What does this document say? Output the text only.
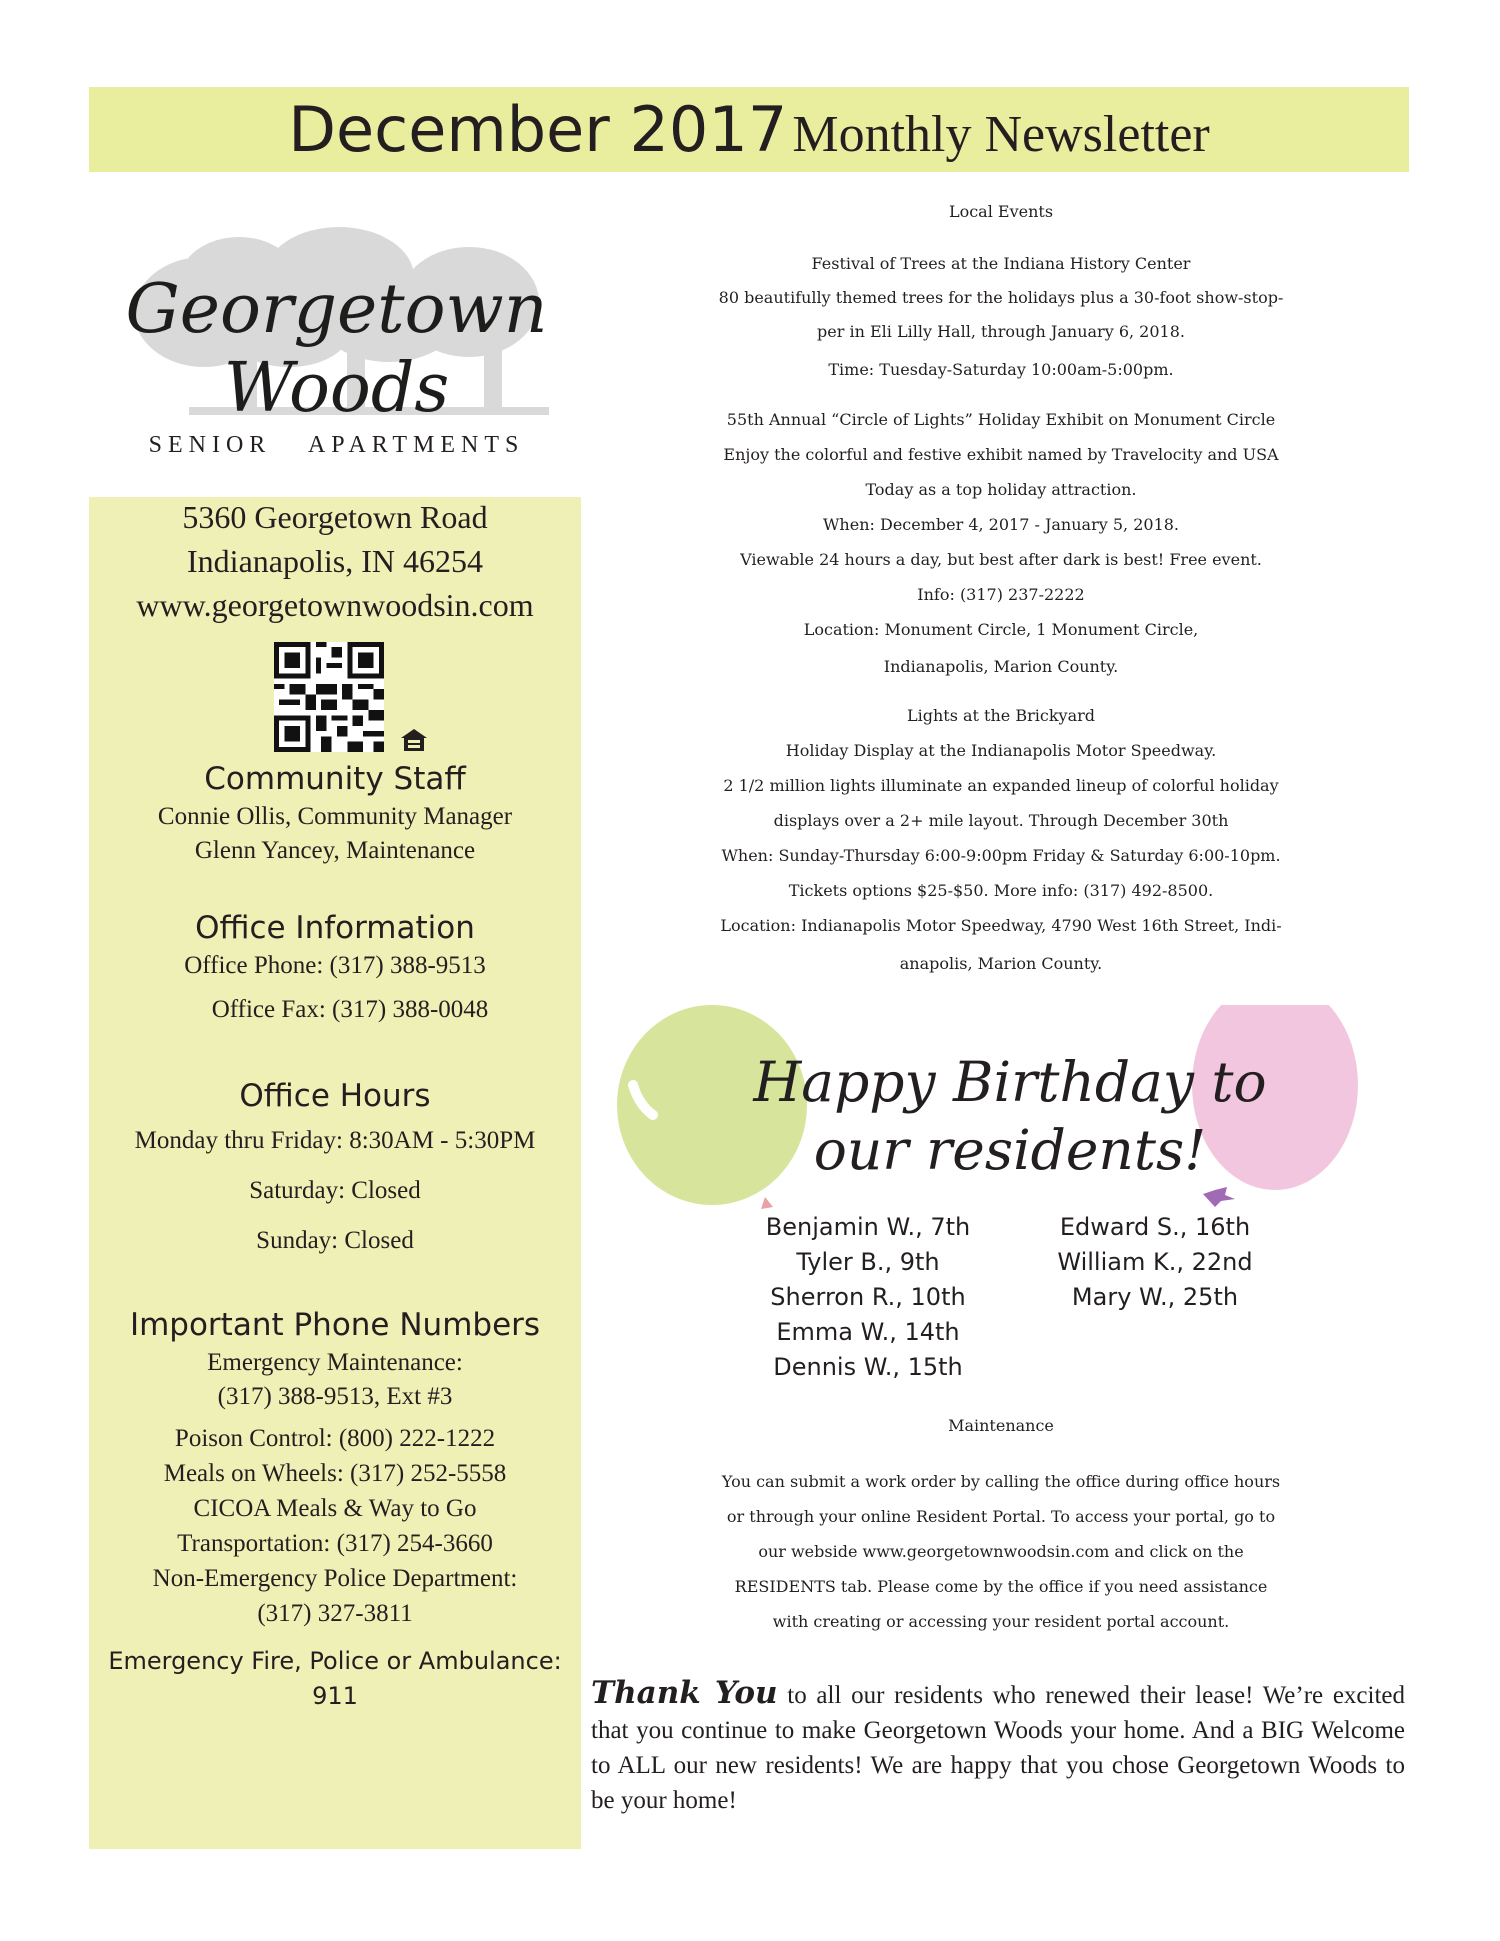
December 2017 Monthly Newsletter
Georgetown Woods
SENIOR APARTMENTS
5360 Georgetown Road
Indianapolis, IN 46254
www.georgetownwoodsin.com
Community Staff
Connie Ollis, Community Manager
Glenn Yancey, Maintenance
Office Information
Office Phone: (317) 388-9513
Office Fax: (317) 388-0048
Office Hours
Monday thru Friday: 8:30AM - 5:30PM
Saturday: Closed
Sunday: Closed
Important Phone Numbers
Emergency Maintenance:
(317) 388-9513, Ext #3
Poison Control: (800) 222-1222
Meals on Wheels: (317) 252-5558
CICOA Meals & Way to Go
Transportation: (317) 254-3660
Non-Emergency Police Department:
(317) 327-3811
Emergency Fire, Police or Ambulance:
911
Local Events
Festival of Trees at the Indiana History Center
80 beautifully themed trees for the holidays plus a 30-foot show-stop-
per in Eli Lilly Hall, through January 6, 2018.
Time: Tuesday-Saturday 10:00am-5:00pm.
55th Annual “Circle of Lights” Holiday Exhibit on Monument Circle
Enjoy the colorful and festive exhibit named by Travelocity and USA
Today as a top holiday attraction.
When: December 4, 2017 - January 5, 2018.
Viewable 24 hours a day, but best after dark is best! Free event.
Info: (317) 237-2222
Location: Monument Circle, 1 Monument Circle,
Indianapolis, Marion County.
Lights at the Brickyard
Holiday Display at the Indianapolis Motor Speedway.
2 1/2 million lights illuminate an expanded lineup of colorful holiday
displays over a 2+ mile layout. Through December 30th
When: Sunday-Thursday 6:00-9:00pm Friday & Saturday 6:00-10pm.
Tickets options $25-$50. More info: (317) 492-8500.
Location: Indianapolis Motor Speedway, 4790 West 16th Street, Indi-
anapolis, Marion County.
Happy Birthday to
our residents!
Benjamin W., 7th
Tyler B., 9th
Sherron R., 10th
Emma W., 14th
Dennis W., 15th
Edward S., 16th
William K., 22nd
Mary W., 25th
Maintenance
You can submit a work order by calling the office during office hours
or through your online Resident Portal. To access your portal, go to
our webside www.georgetownwoodsin.com and click on the
RESIDENTS tab. Please come by the office if you need assistance
with creating or accessing your resident portal account.
Thank You to all our residents who renewed their lease! We’re excited that you continue to make Georgetown Woods your home. And a BIG Welcome to ALL our new residents! We are happy that you chose Georgetown Woods to be your home!
